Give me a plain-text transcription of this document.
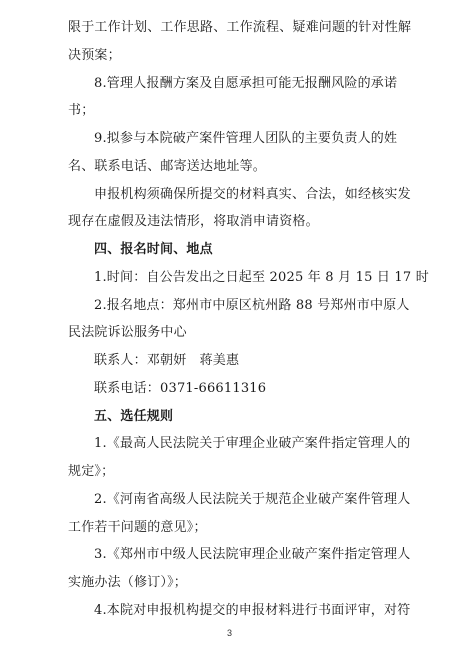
限于工作计划、工作思路、工作流程、疑难问题的针对性解
决预案；
8.管理人报酬方案及自愿承担可能无报酬风险的承诺
书；
9.拟参与本院破产案件管理人团队的主要负责人的姓
名、联系电话、邮寄送达地址等。
申报机构须确保所提交的材料真实、合法，如经核实发
现存在虚假及违法情形，将取消申请资格。
四、报名时间、地点
1.时间：自公告发出之日起至 2025 年 8 月 15 日 17 时
2.报名地点：郑州市中原区杭州路 88 号郑州市中原人
民法院诉讼服务中心
联系人：邓朝妍　蒋美惠
联系电话：0371-66611316
五、选任规则
1.《最高人民法院关于审理企业破产案件指定管理人的
规定》；
2.《河南省高级人民法院关于规范企业破产案件管理人
工作若干问题的意见》；
3.《郑州市中级人民法院审理企业破产案件指定管理人
实施办法（修订）》；
4.本院对申报机构提交的申报材料进行书面评审，对符
3
